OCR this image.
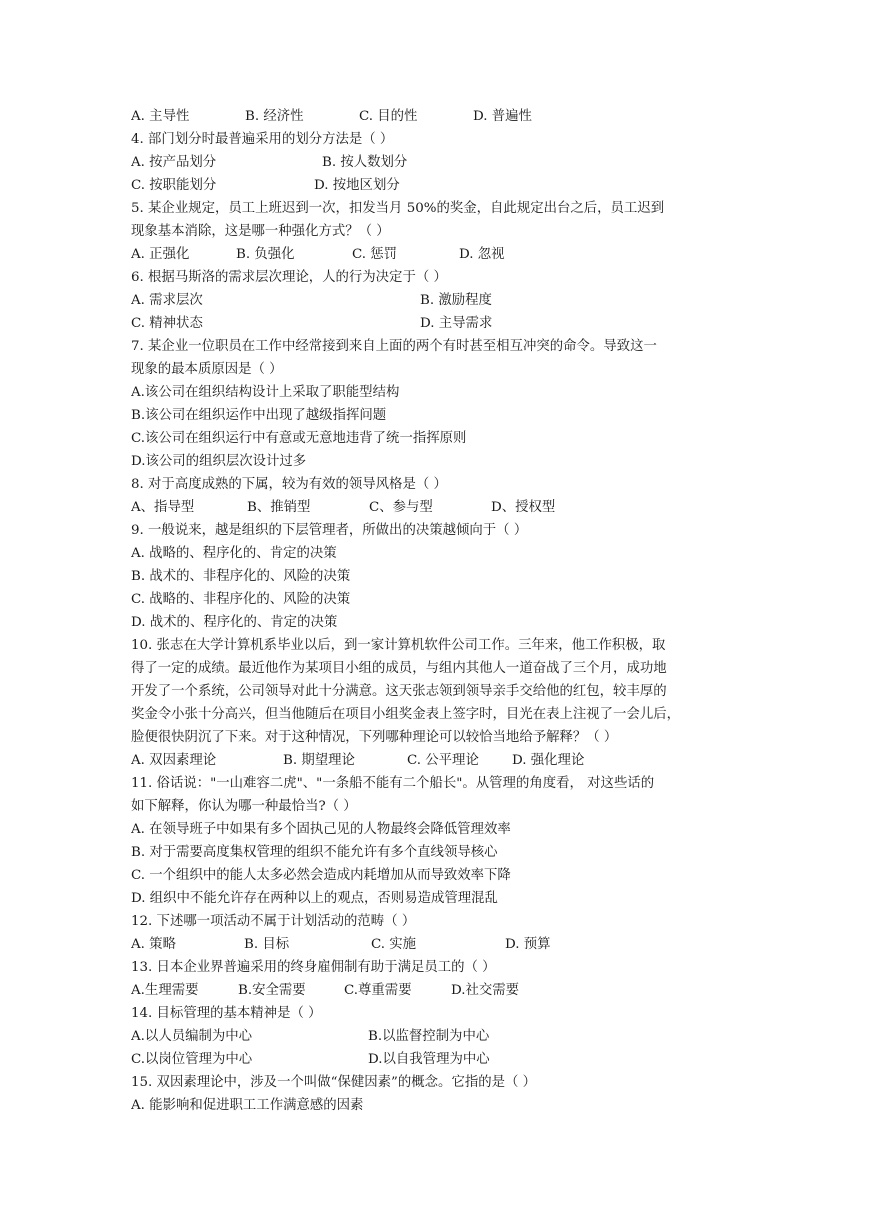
A. 主导性	B. 经济性	C. 目的性	D. 普遍性
4. 部门划分时最普遍采用的划分方法是（ ）
A. 按产品划分	B. 按人数划分
C. 按职能划分	D. 按地区划分
5. 某企业规定，员工上班迟到一次，扣发当月 50%的奖金，自此规定出台之后，员工迟到
现象基本消除，这是哪一种强化方式？（ ）
A. 正强化	B. 负强化	C. 惩罚	D. 忽视
6. 根据马斯洛的需求层次理论，人的行为决定于（ ）
A. 需求层次	B. 激励程度
C. 精神状态	D. 主导需求
7. 某企业一位职员在工作中经常接到来自上面的两个有时甚至相互冲突的命令。导致这一
现象的最本质原因是（ ）
A.该公司在组织结构设计上采取了职能型结构
B.该公司在组织运作中出现了越级指挥问题
C.该公司在组织运行中有意或无意地违背了统一指挥原则
D.该公司的组织层次设计过多
8. 对于高度成熟的下属，较为有效的领导风格是（ ）
A、指导型	B、推销型	C、参与型	D、授权型
9. 一般说来，越是组织的下层管理者，所做出的决策越倾向于（ ）
A. 战略的、程序化的、肯定的决策
B. 战术的、非程序化的、风险的决策
C. 战略的、非程序化的、风险的决策
D. 战术的、程序化的、肯定的决策
10. 张志在大学计算机系毕业以后，到一家计算机软件公司工作。三年来，他工作积极，取
得了一定的成绩。最近他作为某项目小组的成员，与组内其他人一道奋战了三个月，成功地
开发了一个系统，公司领导对此十分满意。这天张志领到领导亲手交给他的红包，较丰厚的
奖金令小张十分高兴，但当他随后在项目小组奖金表上签字时，目光在表上注视了一会儿后，
脸便很快阴沉了下来。对于这种情况，下列哪种理论可以较恰当地给予解释？（ ）
A. 双因素理论	B. 期望理论	C. 公平理论 D. 强化理论
11. 俗话说："一山难容二虎"、"一条船不能有二个船长"。从管理的角度看， 对这些话的
如下解释，你认为哪一种最恰当?（ ）
A. 在领导班子中如果有多个固执己见的人物最终会降低管理效率
B. 对于需要高度集权管理的组织不能允许有多个直线领导核心
C. 一个组织中的能人太多必然会造成内耗增加从而导致效率下降
D. 组织中不能允许存在两种以上的观点，否则易造成管理混乱
12. 下述哪一项活动不属于计划活动的范畴（ ）
A. 策略	B. 目标	C. 实施	D. 预算
13. 日本企业界普遍采用的终身雇佣制有助于满足员工的（ ）
A.生理需要	B.安全需要	C.尊重需要	D.社交需要
14. 目标管理的基本精神是（ ）
A.以人员编制为中心	B.以监督控制为中心
C.以岗位管理为中心	D.以自我管理为中心
15. 双因素理论中，涉及一个叫做“保健因素”的概念。它指的是（ ）
A. 能影响和促进职工工作满意感的因素
